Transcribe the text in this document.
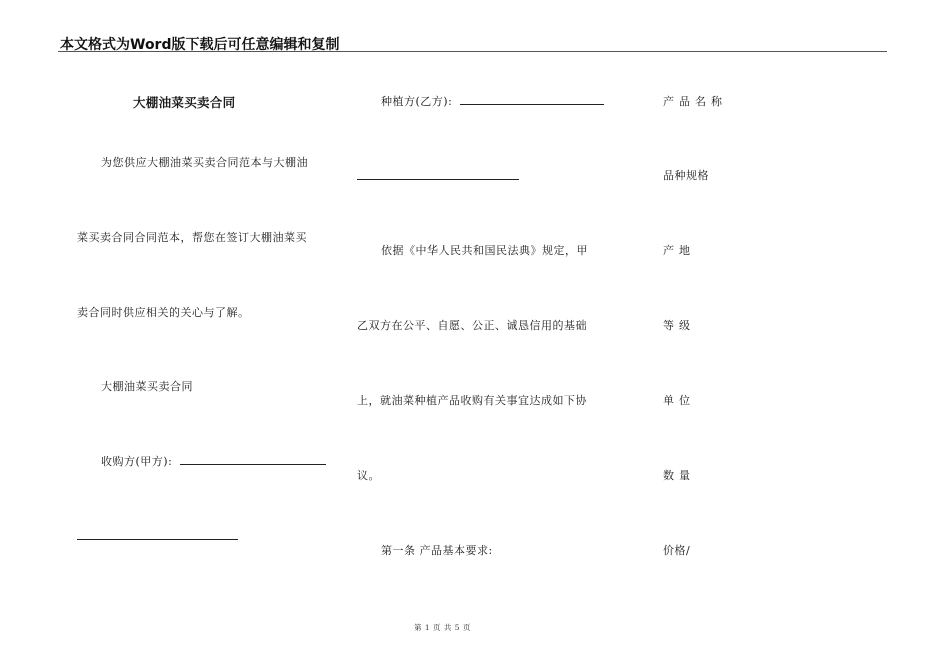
本文格式为Word版下载后可任意编辑和复制
大棚油菜买卖合同
为您供应大棚油菜买卖合同范本与大棚油
菜买卖合同合同范本，帮您在签订大棚油菜买
卖合同时供应相关的关心与了解。
大棚油菜买卖合同
收购方(甲方):
种植方(乙方):
依据《中华人民共和国民法典》规定，甲
乙双方在公平、自愿、公正、诚恳信用的基础
上，就油菜种植产品收购有关事宜达成如下协
议。
第一条 产品基本要求:
产品名称
品种规格
产地
等级
单位
数量
价格/
第 1 页 共 5 页
